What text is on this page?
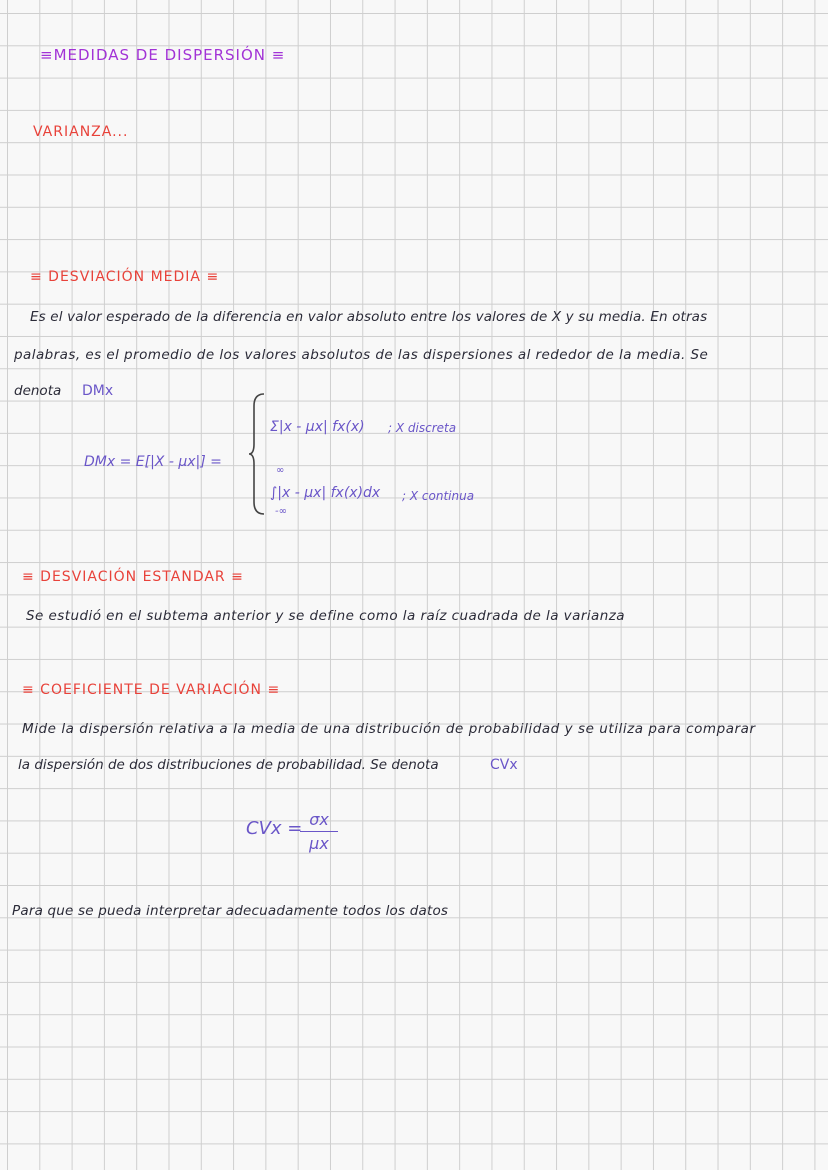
≡MEDIDAS DE DISPERSIÓN ≡
VARIANZA...
≡ DESVIACIÓN MEDIA ≡
Es el valor esperado de la diferencia en valor absoluto entre los valores de X y su media. En otras
palabras, es el promedio de los valores absolutos de las dispersiones al rededor de la media. Se
denota DMx
DMx = E[|X - μx|] =
Σ|x - μx| fx(x) ; X discreta
∞
∫|x - μx| fx(x)dx
-∞
; X continua
≡ DESVIACIÓN ESTANDAR ≡
Se estudió en el subtema anterior y se define como la raíz cuadrada de la varianza
≡ COEFICIENTE DE VARIACIÓN ≡
Mide la dispersión relativa a la media de una distribución de probabilidad y se utiliza para comparar
la dispersión de dos distribuciones de probabilidad. Se denota	CVx
CVx = σx
μx
Para que se pueda interpretar adecuadamente todos los datos
